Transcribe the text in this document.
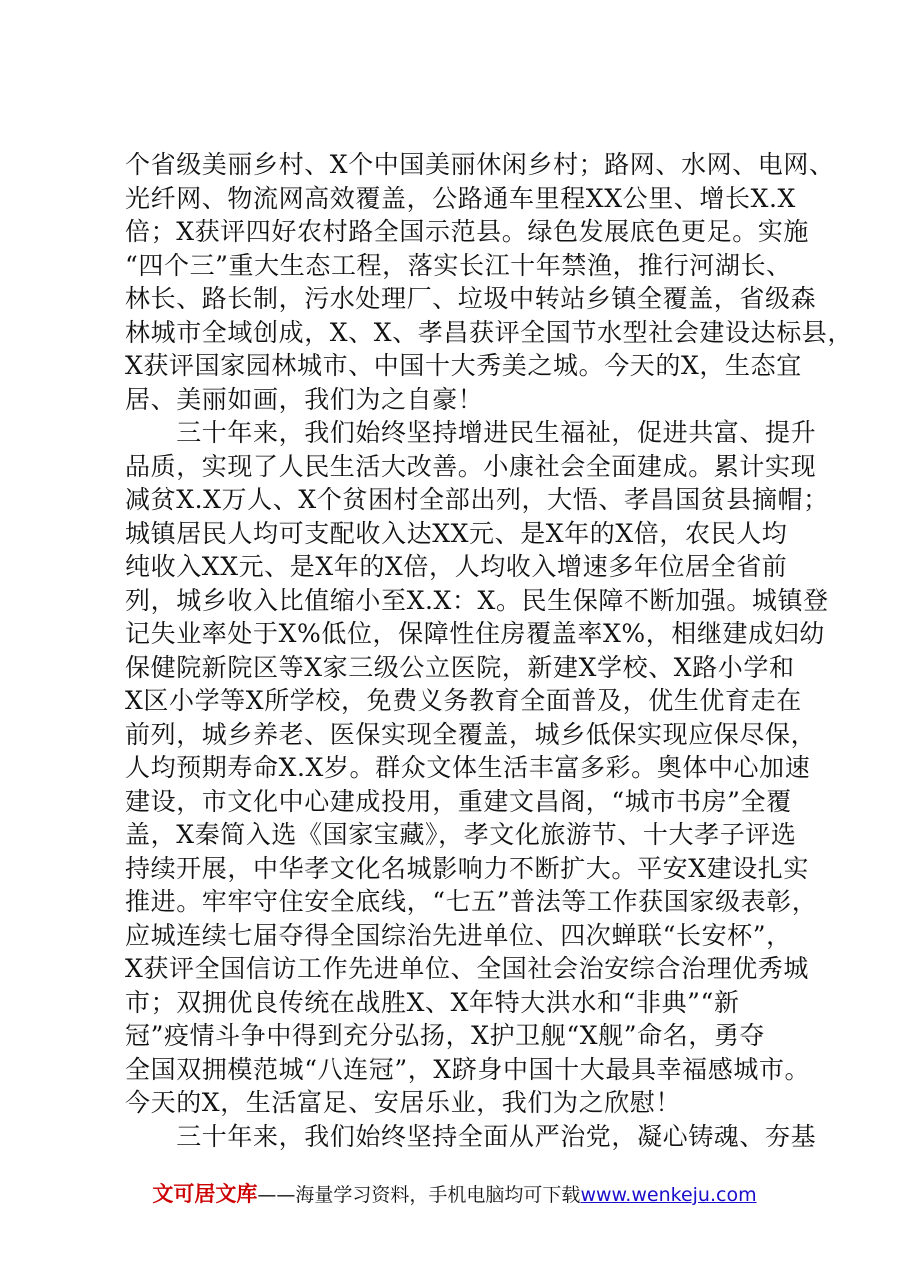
个省级美丽乡村、X个中国美丽休闲乡村；路网、水网、电网、
光纤网、物流网高效覆盖，公路通车里程XX公里、增长X.X
倍；X获评四好农村路全国示范县。绿色发展底色更足。实施
“四个三”重大生态工程，落实长江十年禁渔，推行河湖长、
林长、路长制，污水处理厂、垃圾中转站乡镇全覆盖，省级森
林城市全域创成，X、X、孝昌获评全国节水型社会建设达标县，
X获评国家园林城市、中国十大秀美之城。今天的X，生态宜
居、美丽如画，我们为之自豪！
　　三十年来，我们始终坚持增进民生福祉，促进共富、提升
品质，实现了人民生活大改善。小康社会全面建成。累计实现
减贫X.X万人、X个贫困村全部出列，大悟、孝昌国贫县摘帽；
城镇居民人均可支配收入达XX元、是X年的X倍，农民人均
纯收入XX元、是X年的X倍，人均收入增速多年位居全省前
列，城乡收入比值缩小至X.X：X。民生保障不断加强。城镇登
记失业率处于X%低位，保障性住房覆盖率X%，相继建成妇幼
保健院新院区等X家三级公立医院，新建X学校、X路小学和
X区小学等X所学校，免费义务教育全面普及，优生优育走在
前列，城乡养老、医保实现全覆盖，城乡低保实现应保尽保，
人均预期寿命X.X岁。群众文体生活丰富多彩。奥体中心加速
建设，市文化中心建成投用，重建文昌阁，“城市书房”全覆
盖，X秦简入选《国家宝藏》，孝文化旅游节、十大孝子评选
持续开展，中华孝文化名城影响力不断扩大。平安X建设扎实
推进。牢牢守住安全底线，“七五”普法等工作获国家级表彰，
应城连续七届夺得全国综治先进单位、四次蝉联“长安杯”，
X获评全国信访工作先进单位、全国社会治安综合治理优秀城
市；双拥优良传统在战胜X、X年特大洪水和“非典”“新
冠”疫情斗争中得到充分弘扬，X护卫舰“X舰”命名，勇夺
全国双拥模范城“八连冠”，X跻身中国十大最具幸福感城市。
今天的X，生活富足、安居乐业，我们为之欣慰！
　　三十年来，我们始终坚持全面从严治党，凝心铸魂、夯基
文可居文库——海量学习资料，手机电脑均可下载www.wenkeju.com
